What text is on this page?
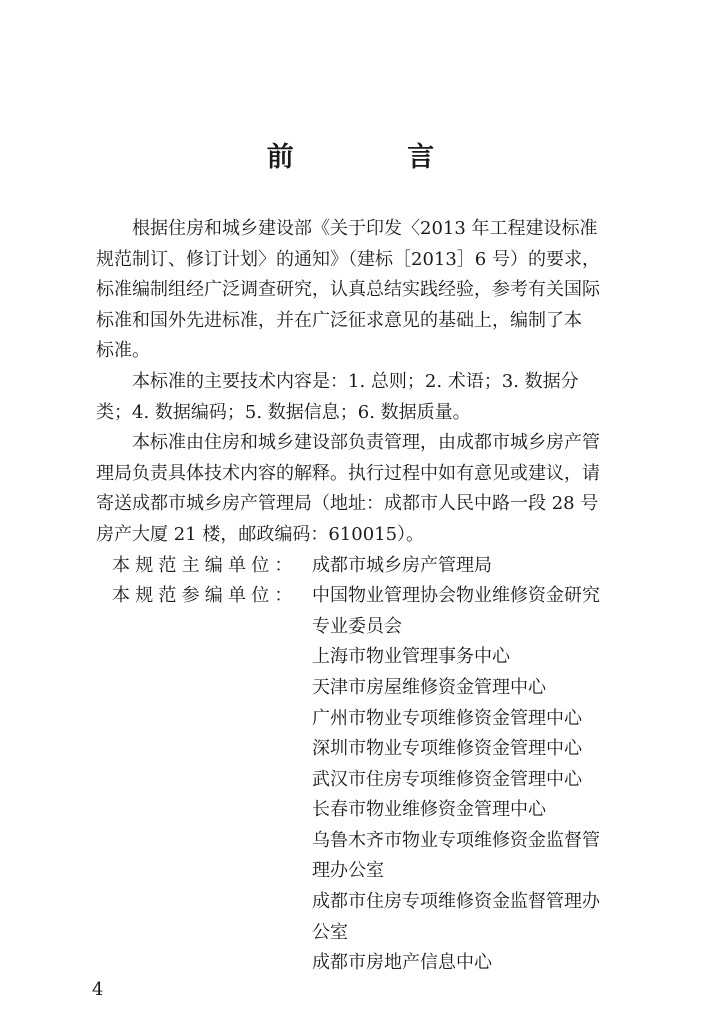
前 言
根据住房和城乡建设部《关于印发〈2013 年工程建设标准
规范制订、修订计划〉的通知》（建标［2013］6 号）的要求，
标准编制组经广泛调查研究，认真总结实践经验，参考有关国际
标准和国外先进标准，并在广泛征求意见的基础上，编制了本
标准。
本标准的主要技术内容是：1. 总则；2. 术语；3. 数据分
类；4. 数据编码；5. 数据信息；6. 数据质量。
本标准由住房和城乡建设部负责管理，由成都市城乡房产管
理局负责具体技术内容的解释。执行过程中如有意见或建议，请
寄送成都市城乡房产管理局（地址：成都市人民中路一段 28 号
房产大厦 21 楼，邮政编码：610015）。
本规范主编单位： 成都市城乡房产管理局
本规范参编单位： 中国物业管理协会物业维修资金研究
专业委员会
上海市物业管理事务中心
天津市房屋维修资金管理中心
广州市物业专项维修资金管理中心
深圳市物业专项维修资金管理中心
武汉市住房专项维修资金管理中心
长春市物业维修资金管理中心
乌鲁木齐市物业专项维修资金监督管
理办公室
成都市住房专项维修资金监督管理办
公室
成都市房地产信息中心
4
